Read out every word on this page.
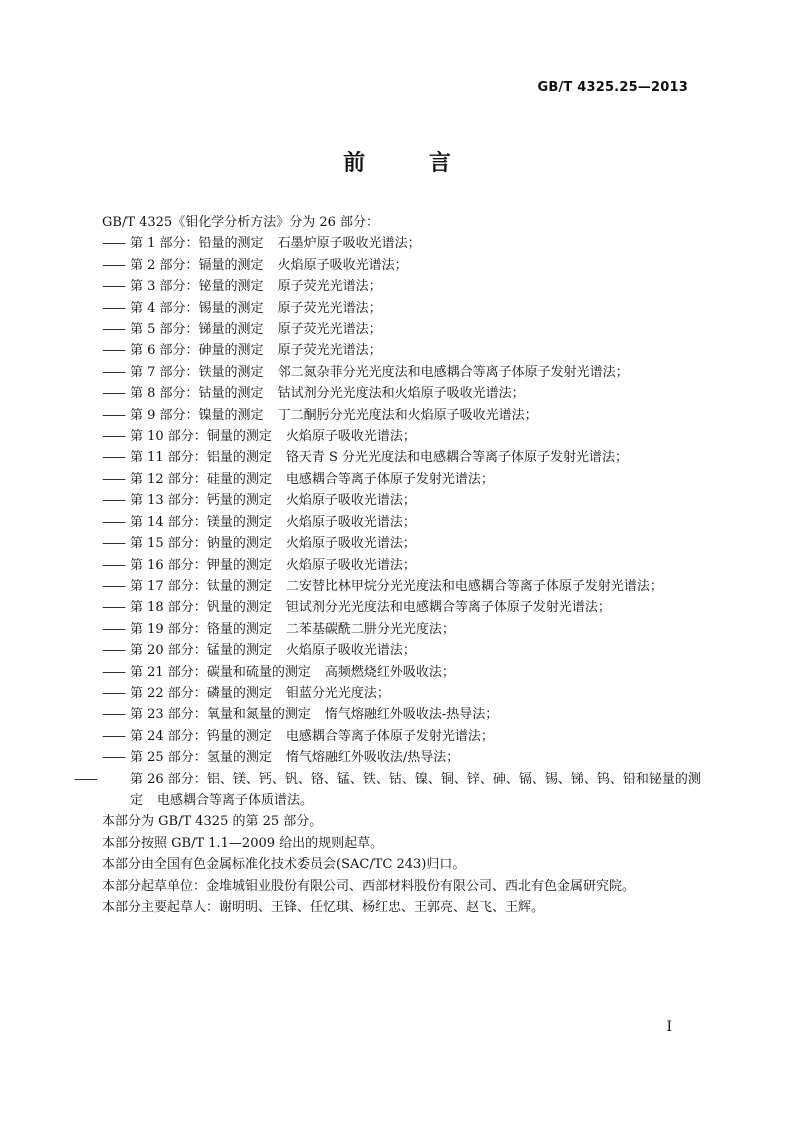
GB/T 4325.25—2013
前 言

GB/T 4325《钼化学分析方法》分为 26 部分：

—— 第 1 部分：铅量的测定 石墨炉原子吸收光谱法；

—— 第 2 部分：镉量的测定 火焰原子吸收光谱法；

—— 第 3 部分：铋量的测定 原子荧光光谱法；

—— 第 4 部分：锡量的测定 原子荧光光谱法；

—— 第 5 部分：锑量的测定 原子荧光光谱法；

—— 第 6 部分：砷量的测定 原子荧光光谱法；

—— 第 7 部分：铁量的测定 邻二氮杂菲分光光度法和电感耦合等离子体原子发射光谱法；

—— 第 8 部分：钴量的测定 钴试剂分光光度法和火焰原子吸收光谱法；

—— 第 9 部分：镍量的测定 丁二酮肟分光光度法和火焰原子吸收光谱法；

—— 第 10 部分：铜量的测定 火焰原子吸收光谱法；

—— 第 11 部分：铝量的测定 铬天青 S 分光光度法和电感耦合等离子体原子发射光谱法；

—— 第 12 部分：硅量的测定 电感耦合等离子体原子发射光谱法；

—— 第 13 部分：钙量的测定 火焰原子吸收光谱法；

—— 第 14 部分：镁量的测定 火焰原子吸收光谱法；

—— 第 15 部分：钠量的测定 火焰原子吸收光谱法；

—— 第 16 部分：钾量的测定 火焰原子吸收光谱法；

—— 第 17 部分：钛量的测定 二安替比林甲烷分光光度法和电感耦合等离子体原子发射光谱法；

—— 第 18 部分：钒量的测定 钽试剂分光光度法和电感耦合等离子体原子发射光谱法；

—— 第 19 部分：铬量的测定 二苯基碳酰二肼分光光度法；

—— 第 20 部分：锰量的测定 火焰原子吸收光谱法；

—— 第 21 部分：碳量和硫量的测定 高频燃烧红外吸收法；

—— 第 22 部分：磷量的测定 钼蓝分光光度法；

—— 第 23 部分：氧量和氮量的测定 惰气熔融红外吸收法-热导法；

—— 第 24 部分：钨量的测定 电感耦合等离子体原子发射光谱法；

—— 第 25 部分：氢量的测定 惰气熔融红外吸收法/热导法；

——	第 26 部分：铝、镁、钙、钒、铬、锰、铁、钴、镍、铜、锌、砷、镉、锡、锑、钨、铅和铋量的测定 电感耦合等离子体质谱法。

本部分为 GB/T 4325 的第 25 部分。

本部分按照 GB/T 1.1—2009 给出的规则起草。

本部分由全国有色金属标准化技术委员会(SAC/TC 243)归口。

本部分起草单位：金堆城钼业股份有限公司、西部材料股份有限公司、西北有色金属研究院。

本部分主要起草人：谢明明、王锋、任忆琪、杨红忠、王郭亮、赵飞、王辉。

I
